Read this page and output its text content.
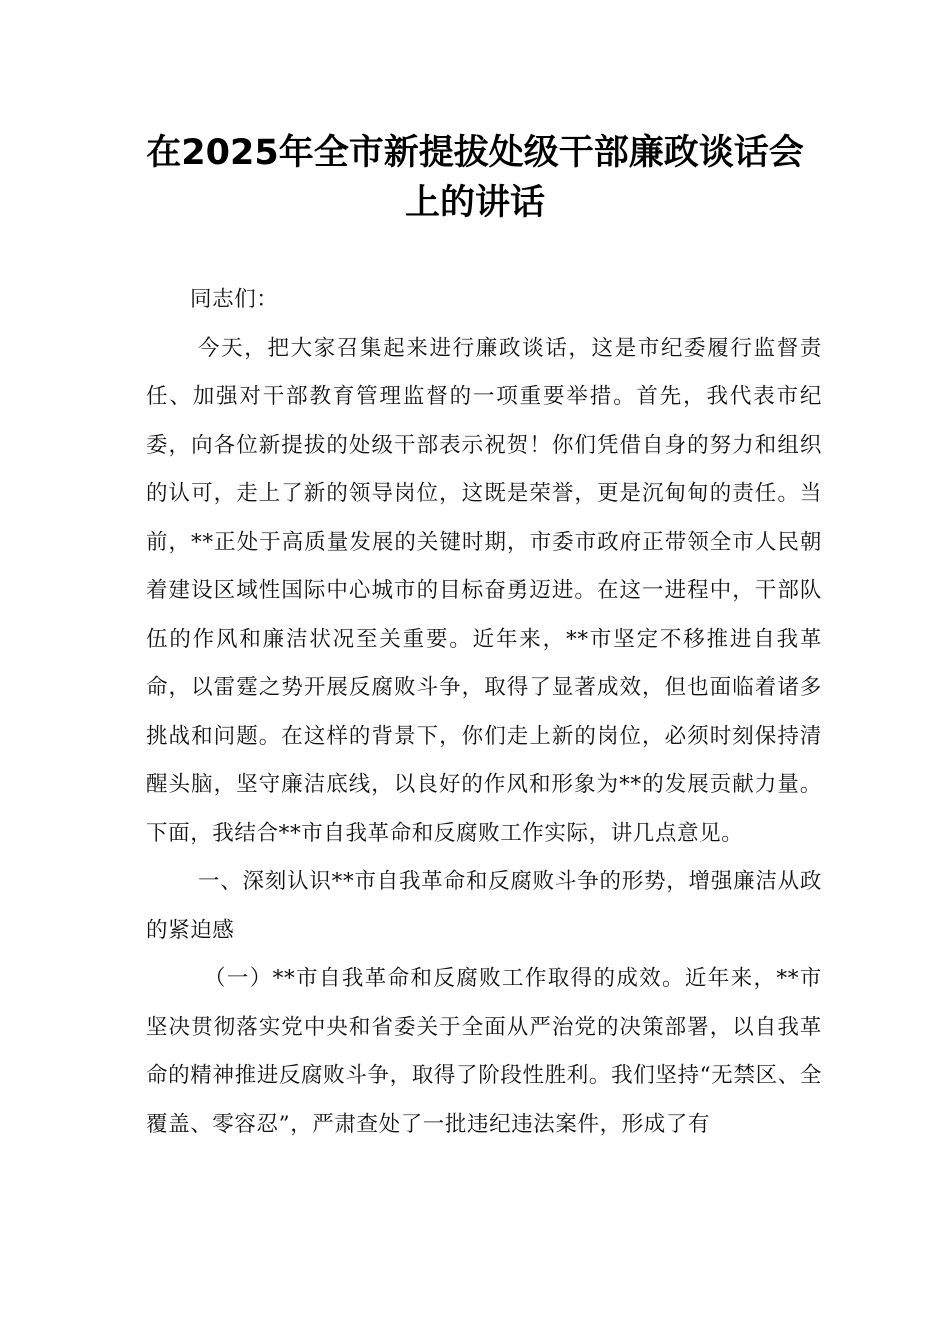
在2025年全市新提拔处级干部廉政谈话会
上的讲话

同志们：

今天，把大家召集起来进行廉政谈话，这是市纪委履行监督责任、加强对干部教育管理监督的一项重要举措。首先，我代表市纪委，向各位新提拔的处级干部表示祝贺！你们凭借自身的努力和组织的认可，走上了新的领导岗位，这既是荣誉，更是沉甸甸的责任。当前，**正处于高质量发展的关键时期，市委市政府正带领全市人民朝着建设区域性国际中心城市的目标奋勇迈进。在这一进程中，干部队伍的作风和廉洁状况至关重要。近年来，**市坚定不移推进自我革命，以雷霆之势开展反腐败斗争，取得了显著成效，但也面临着诸多挑战和问题。在这样的背景下，你们走上新的岗位，必须时刻保持清醒头脑，坚守廉洁底线，以良好的作风和形象为**的发展贡献力量。下面，我结合**市自我革命和反腐败工作实际，讲几点意见。

一、深刻认识**市自我革命和反腐败斗争的形势，增强廉洁从政的紧迫感

（一）**市自我革命和反腐败工作取得的成效。近年来，**市坚决贯彻落实党中央和省委关于全面从严治党的决策部署，以自我革命的精神推进反腐败斗争，取得了阶段性胜利。我们坚持“无禁区、全覆盖、零容忍”，严肃查处了一批违纪违法案件，形成了有
